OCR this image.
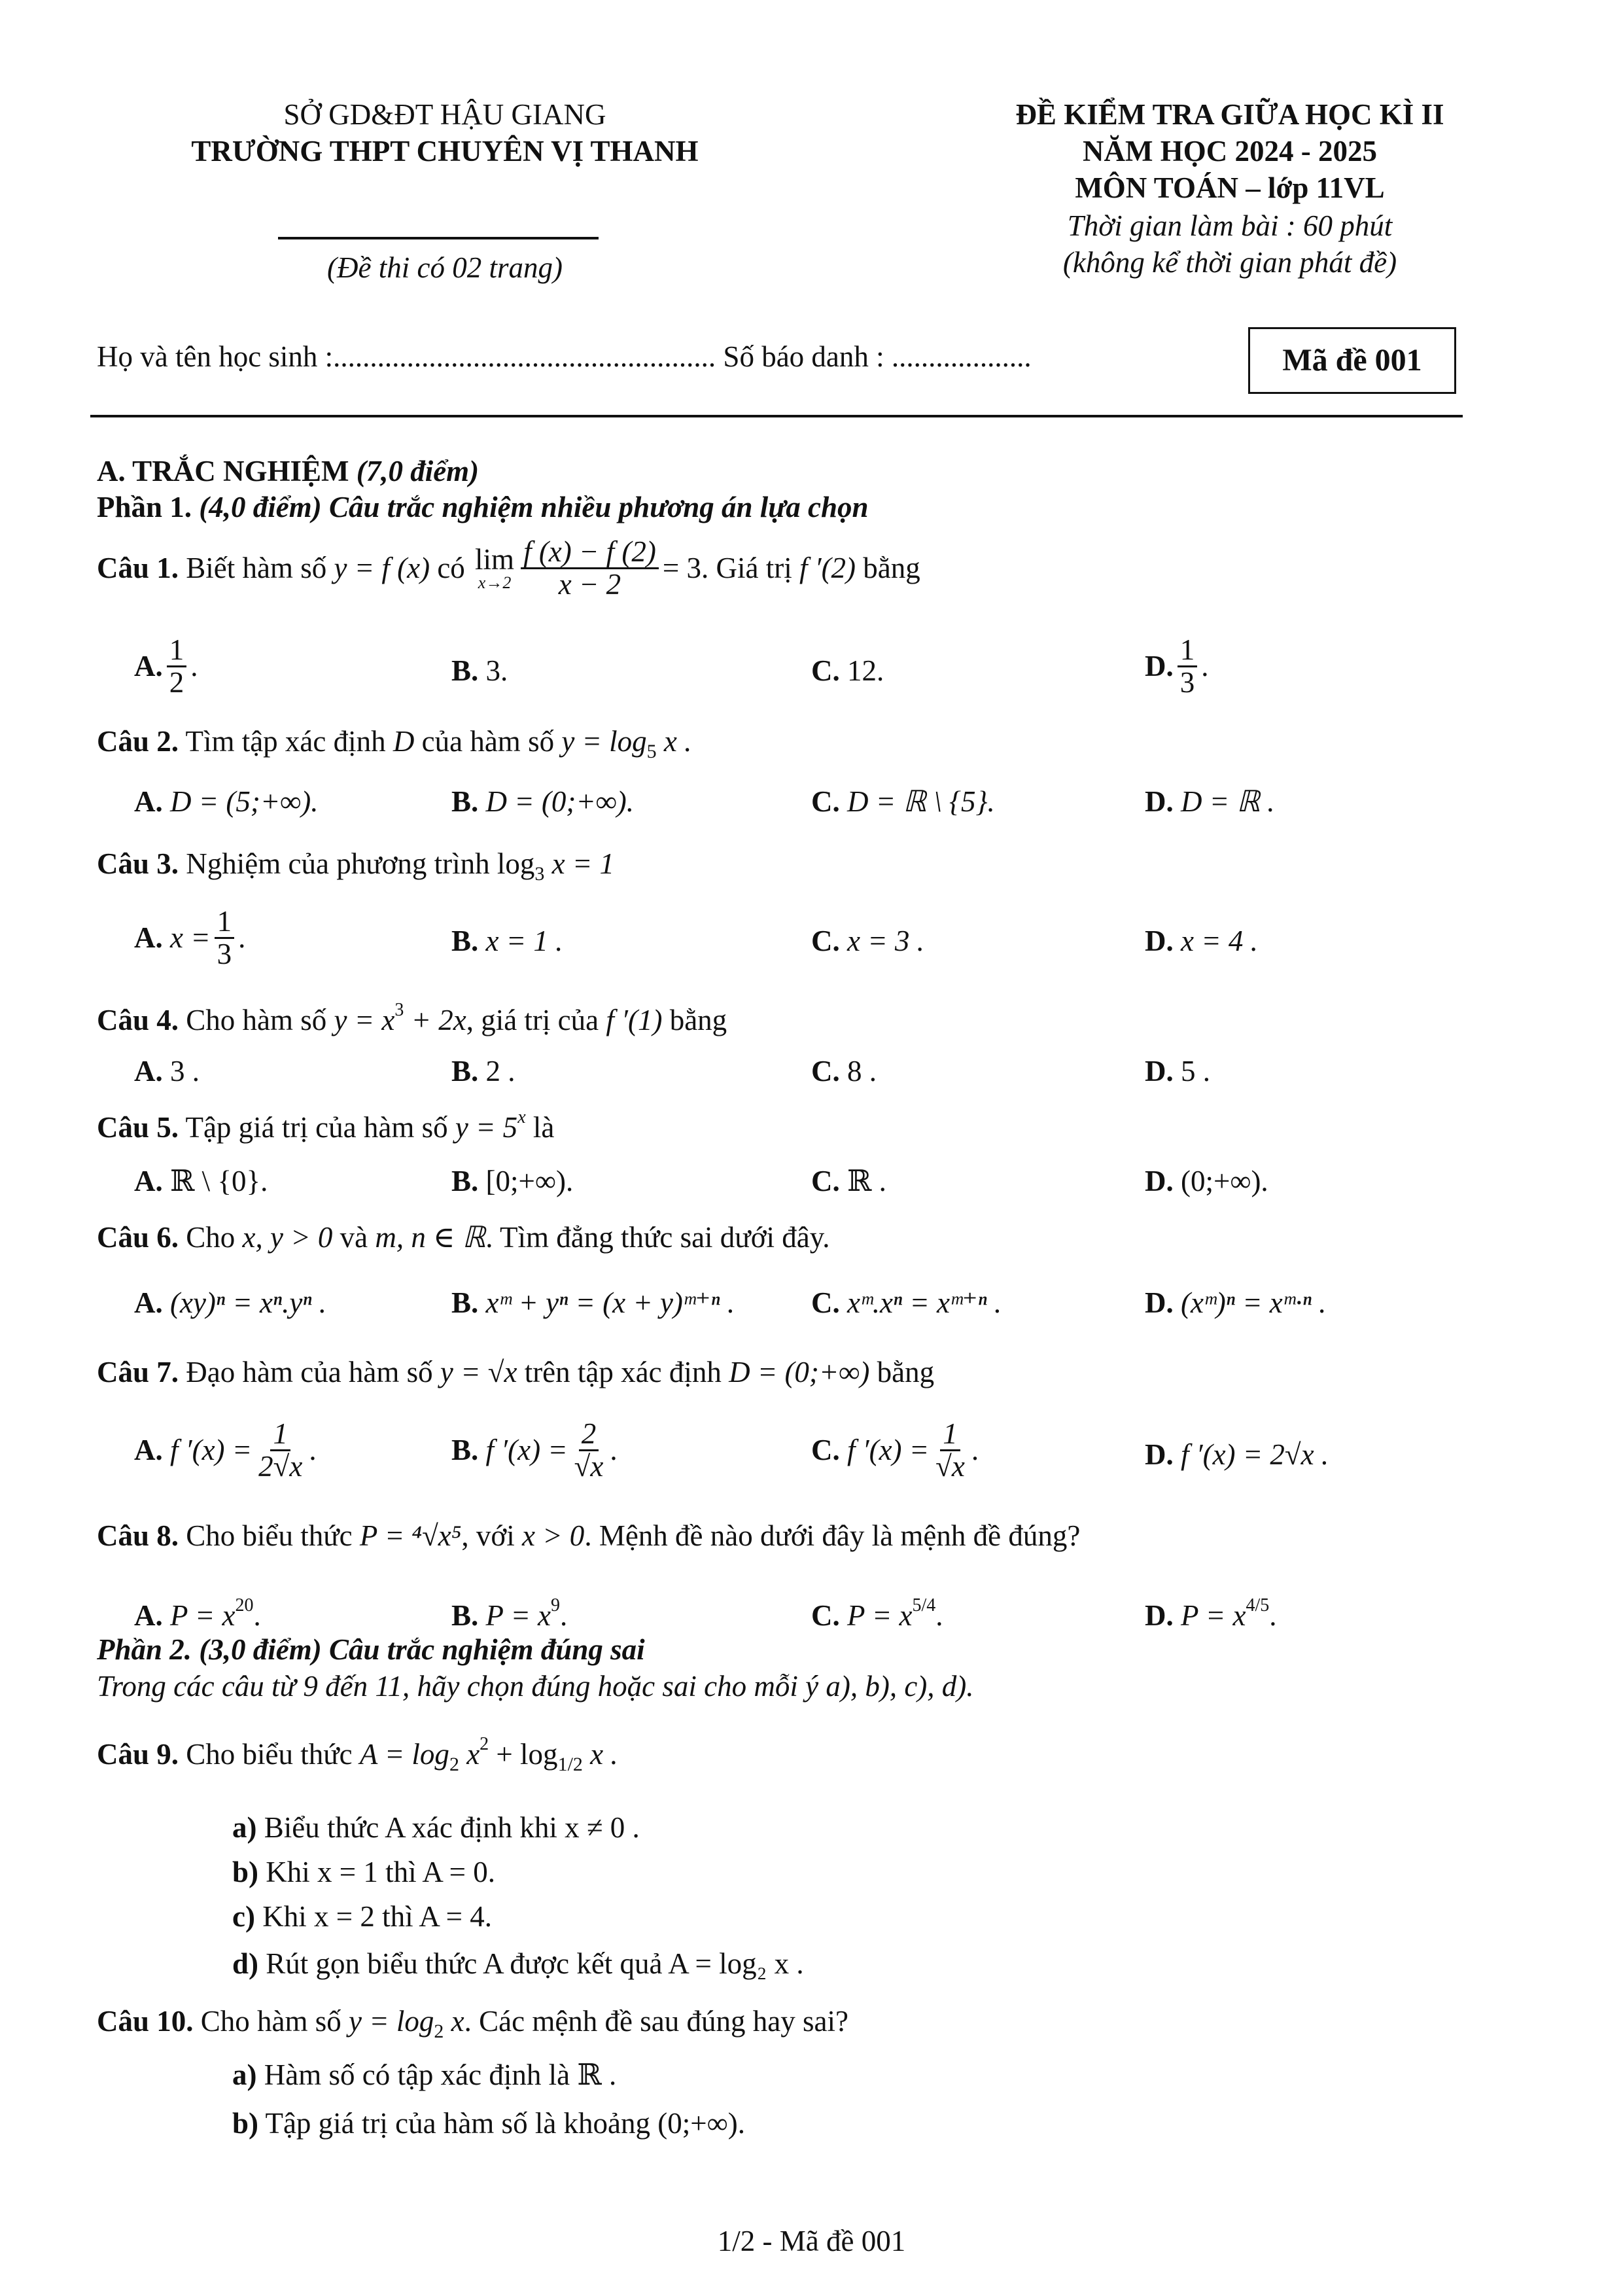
SỞ GD&ĐT HẬU GIANG
TRƯỜNG THPT CHUYÊN VỊ THANH
(Đề thi có 02 trang)
ĐỀ KIỂM TRA GIỮA HỌC KÌ II
NĂM HỌC 2024 - 2025
MÔN TOÁN – lớp 11VL
Thời gian làm bài : 60 phút
(không kể thời gian phát đề)
Họ và tên học sinh :.................................................... Số báo danh : ...................	Mã đề 001
A. TRẮC NGHIỆM (7,0 điểm)
Phần 1. (4,0 điểm) Câu trắc nghiệm nhiều phương án lựa chọn
Câu 1.
Biết hàm số
y = f (x)
có
lim
$x\to 2 \frac{f (x) - f (2)}{x - 2} = 3$ . Giá trị
f ′(2)
bằng
A. $\frac{1}{2}$ .	B. 3.	C. 12.	D. $\frac{1}{3}$ .
Câu 2. Tìm tập xác định D của hàm số $y = \log_5 x$ .
A. D = (5;+∞).	B. D = (0;+∞).	C. D = ℝ \ {5}.	D. D = ℝ .
Câu 3. Nghiệm của phương trình $\log_3 x = 1$
A.
$x = \frac{1}{3}$ .	B. x = 1 .	C. x = 3 .	D. x = 4 .
Câu 4. Cho hàm số $y = x^3 + 2x$, giá trị của f ′(1) bằng
A. 3 .	B. 2 .	C. 8 .	D. 5 .
Câu 5. Tập giá trị của hàm số $y = 5^x$ là
A. ℝ \ {0}.	B. [0;+∞).	C. ℝ .	D. (0;+∞).
Câu 6. Cho x, y > 0 và m, n ∈ ℝ. Tìm đẳng thức sai dưới đây.
A. (xy)ⁿ = xⁿ.yⁿ .	B. xᵐ + yⁿ = (x + y)ᵐ⁺ⁿ .	C. xᵐ.xⁿ = xᵐ⁺ⁿ .	D. (xᵐ)ⁿ = xᵐ·ⁿ .
Câu 7. Đạo hàm của hàm số y = √x trên tập xác định D = (0;+∞) bằng
A.
f $'(x) = \frac{1}{2√x}$ .	B.
f $'(x) = \frac{2}{√x}$ .	C.
f $'(x) = \frac{1}{√x}$ .	D. f ′(x) = 2√x .
Câu 8. Cho biểu thức P = ⁴√x⁵, với x > 0. Mệnh đề nào dưới đây là mệnh đề đúng?
A. $P = x^{20}$.	B. $P = x^9$.	C. $P = x^{5/4}$.	D. $P = x^{4/5}$.
Phần 2. (3,0 điểm) Câu trắc nghiệm đúng sai
Trong các câu từ 9 đến 11, hãy chọn đúng hoặc sai cho mỗi ý a), b), c), d).
Câu 9. Cho biểu thức $A = \log_2 x^2 + \log_{1/2} x$ .
a) Biểu thức A xác định khi x ≠ 0 .
b) Khi x = 1 thì A = 0.
c) Khi x = 2 thì A = 4.
d) Rút gọn biểu thức A được kết quả A = log₂ x .
Câu 10. Cho hàm số $y = \log_2 x$. Các mệnh đề sau đúng hay sai?
a) Hàm số có tập xác định là ℝ .
b) Tập giá trị của hàm số là khoảng (0;+∞).
1/2 - Mã đề 001
